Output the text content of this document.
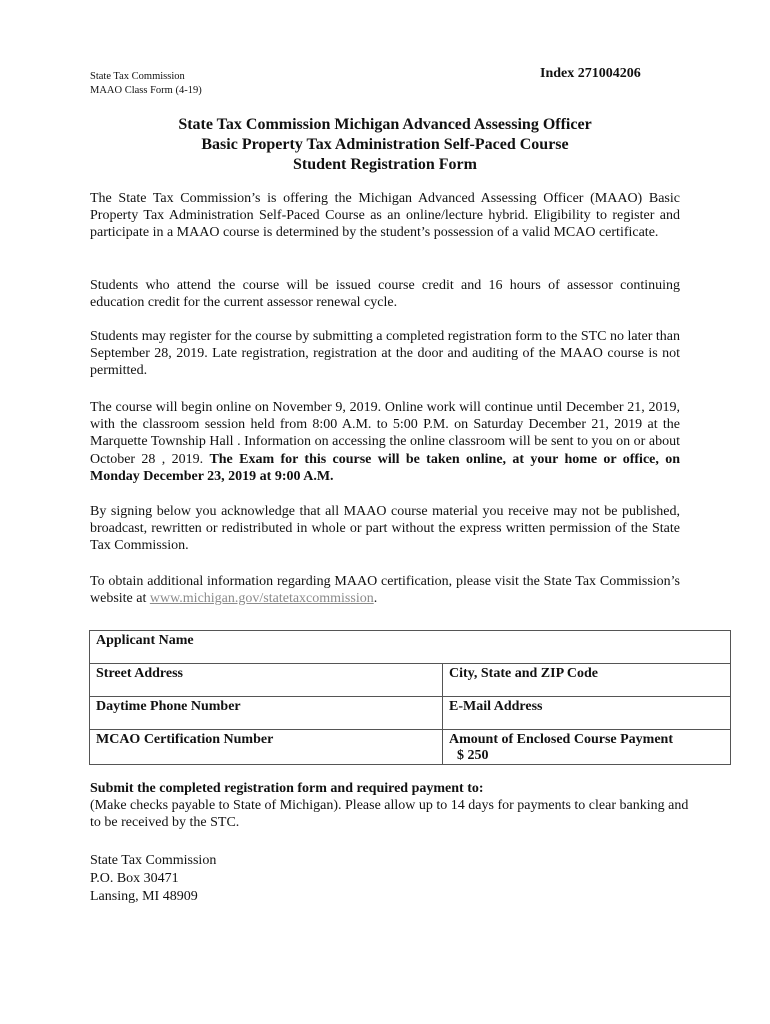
State Tax Commission
MAAO Class Form (4-19)
Index 271004206
State Tax Commission Michigan Advanced Assessing Officer
Basic Property Tax Administration Self-Paced Course
Student Registration Form

The State Tax Commission’s is offering the Michigan Advanced Assessing Officer (MAAO) Basic Property Tax Administration Self-Paced Course as an online/lecture hybrid. Eligibility to register and participate in a MAAO course is determined by the student’s possession of a valid MCAO certificate.

Students who attend the course will be issued course credit and 16 hours of assessor continuing education credit for the current assessor renewal cycle.

Students may register for the course by submitting a completed registration form to the STC no later than September 28, 2019. Late registration, registration at the door and auditing of the MAAO course is not permitted.

The course will begin online on November 9, 2019. Online work will continue until December 21, 2019, with the classroom session held from 8:00 A.M. to 5:00 P.M. on Saturday December 21, 2019 at the Marquette Township Hall . Information on accessing the online classroom will be sent to you on or about October 28 , 2019. The Exam for this course will be taken online, at your home or office, on Monday December 23, 2019 at 9:00 A.M.

By signing below you acknowledge that all MAAO course material you receive may not be published, broadcast, rewritten or redistributed in whole or part without the express written permission of the State Tax Commission.

To obtain additional information regarding MAAO certification, please visit the State Tax Commission’s website at www.michigan.gov/statetaxcommission.

Applicant Name	
Street Address	City, State and ZIP Code
Daytime Phone Number	E-Mail Address
MCAO Certification Number	Amount of Enclosed Course Payment
$ 250
Submit the completed registration form and required payment to:
(Make checks payable to State of Michigan). Please allow up to 14 days for payments to clear banking and to be received by the STC.
State Tax Commission
P.O. Box 30471
Lansing, MI 48909
